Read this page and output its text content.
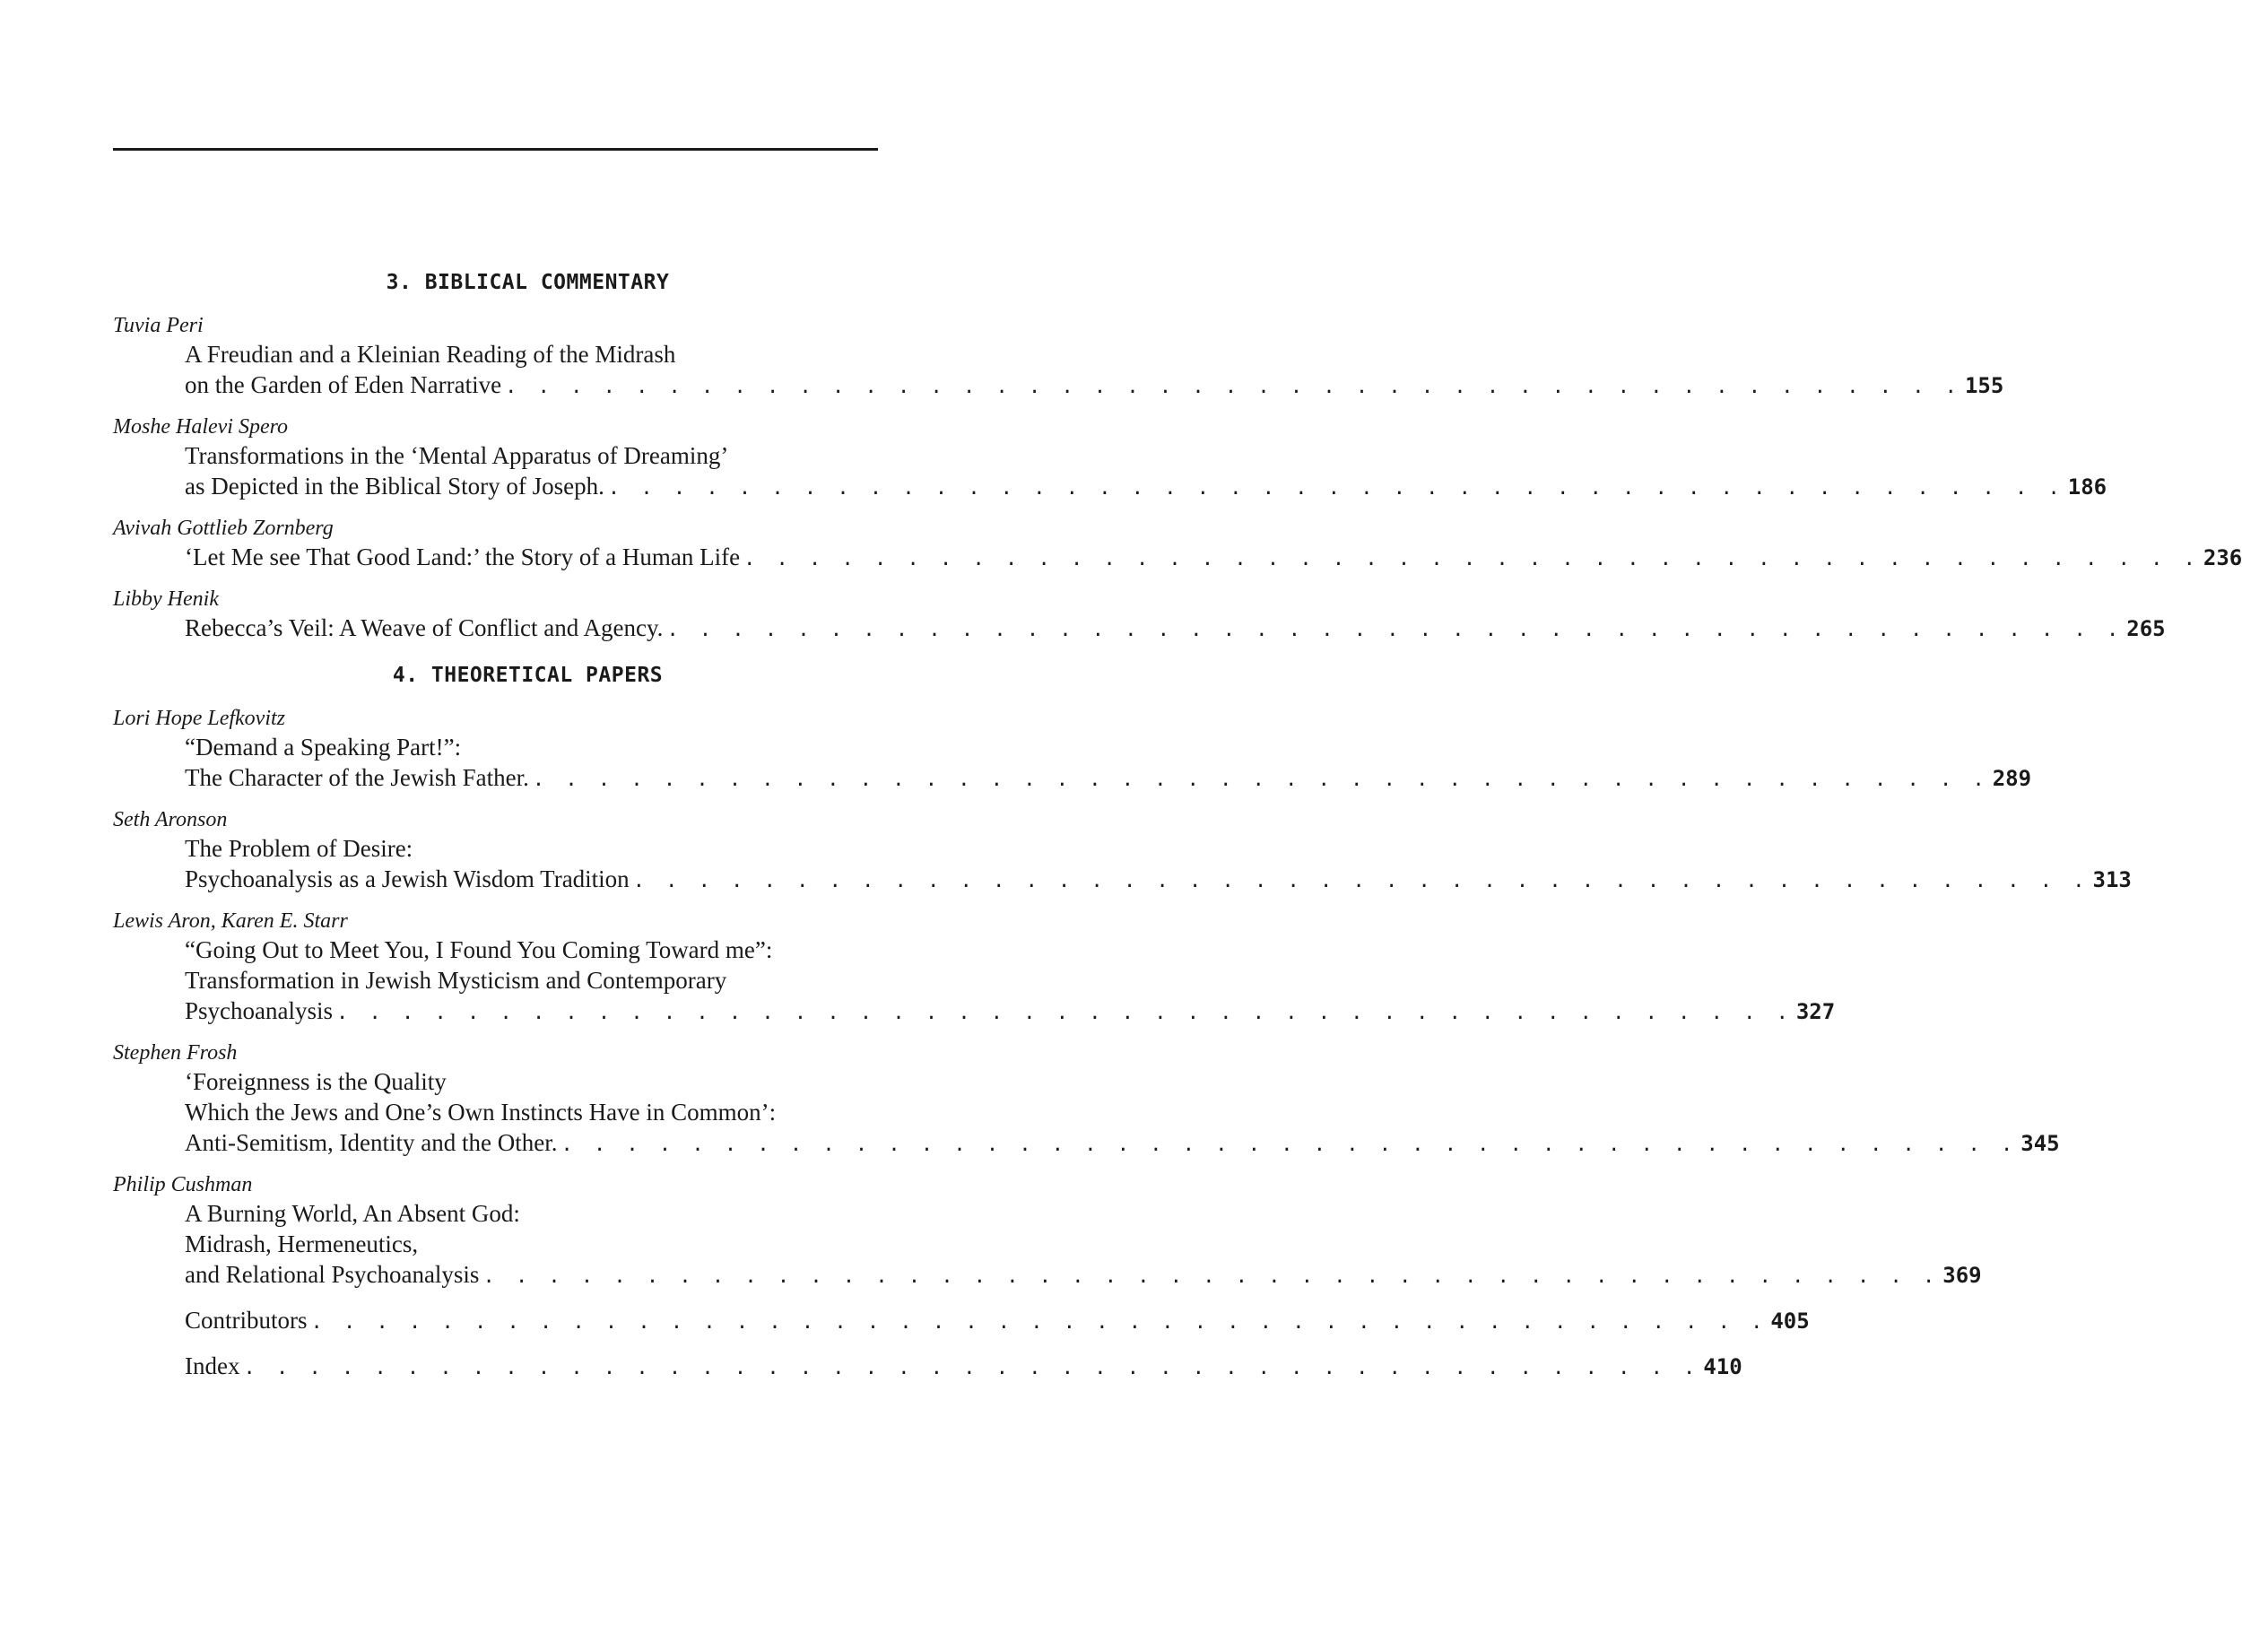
3. BIBLICAL COMMENTARY
Tuvia Peri
A Freudian and a Kleinian Reading of the Midrash
on the Garden of Eden Narrative . . . . . . . . . . . . . . . . . . . . . . . . . . . . . . . . . . . . . . . . . . . . . 155
Moshe Halevi Spero
Transformations in the ‘Mental Apparatus of Dreaming’
as Depicted in the Biblical Story of Joseph. . . . . . . . . . . . . . . . . . . . . . . . . . . . . . . . . . . . . . . . . . . . . . 186
Avivah Gottlieb Zornberg
‘Let Me see That Good Land:’ the Story of a Human Life . . . . . . . . . . . . . . . . . . . . . . . . . . . . . . . . . . . . . . . . . . . . . 236
Libby Henik
Rebecca’s Veil: A Weave of Conflict and Agency. . . . . . . . . . . . . . . . . . . . . . . . . . . . . . . . . . . . . . . . . . . . . . 265
4. THEORETICAL PAPERS
Lori Hope Lefkovitz
“Demand a Speaking Part!”:
The Character of the Jewish Father. . . . . . . . . . . . . . . . . . . . . . . . . . . . . . . . . . . . . . . . . . . . . . 289
Seth Aronson
The Problem of Desire:
Psychoanalysis as a Jewish Wisdom Tradition . . . . . . . . . . . . . . . . . . . . . . . . . . . . . . . . . . . . . . . . . . . . . 313
Lewis Aron, Karen E. Starr
“Going Out to Meet You, I Found You Coming Toward me”:
Transformation in Jewish Mysticism and Contemporary
Psychoanalysis . . . . . . . . . . . . . . . . . . . . . . . . . . . . . . . . . . . . . . . . . . . . . 327
Stephen Frosh
‘Foreignness is the Quality
Which the Jews and One’s Own Instincts Have in Common’:
Anti-Semitism, Identity and the Other. . . . . . . . . . . . . . . . . . . . . . . . . . . . . . . . . . . . . . . . . . . . . . 345
Philip Cushman
A Burning World, An Absent God:
Midrash, Hermeneutics,
and Relational Psychoanalysis . . . . . . . . . . . . . . . . . . . . . . . . . . . . . . . . . . . . . . . . . . . . . 369
Contributors . . . . . . . . . . . . . . . . . . . . . . . . . . . . . . . . . . . . . . . . . . . . . 405
Index . . . . . . . . . . . . . . . . . . . . . . . . . . . . . . . . . . . . . . . . . . . . . 410
